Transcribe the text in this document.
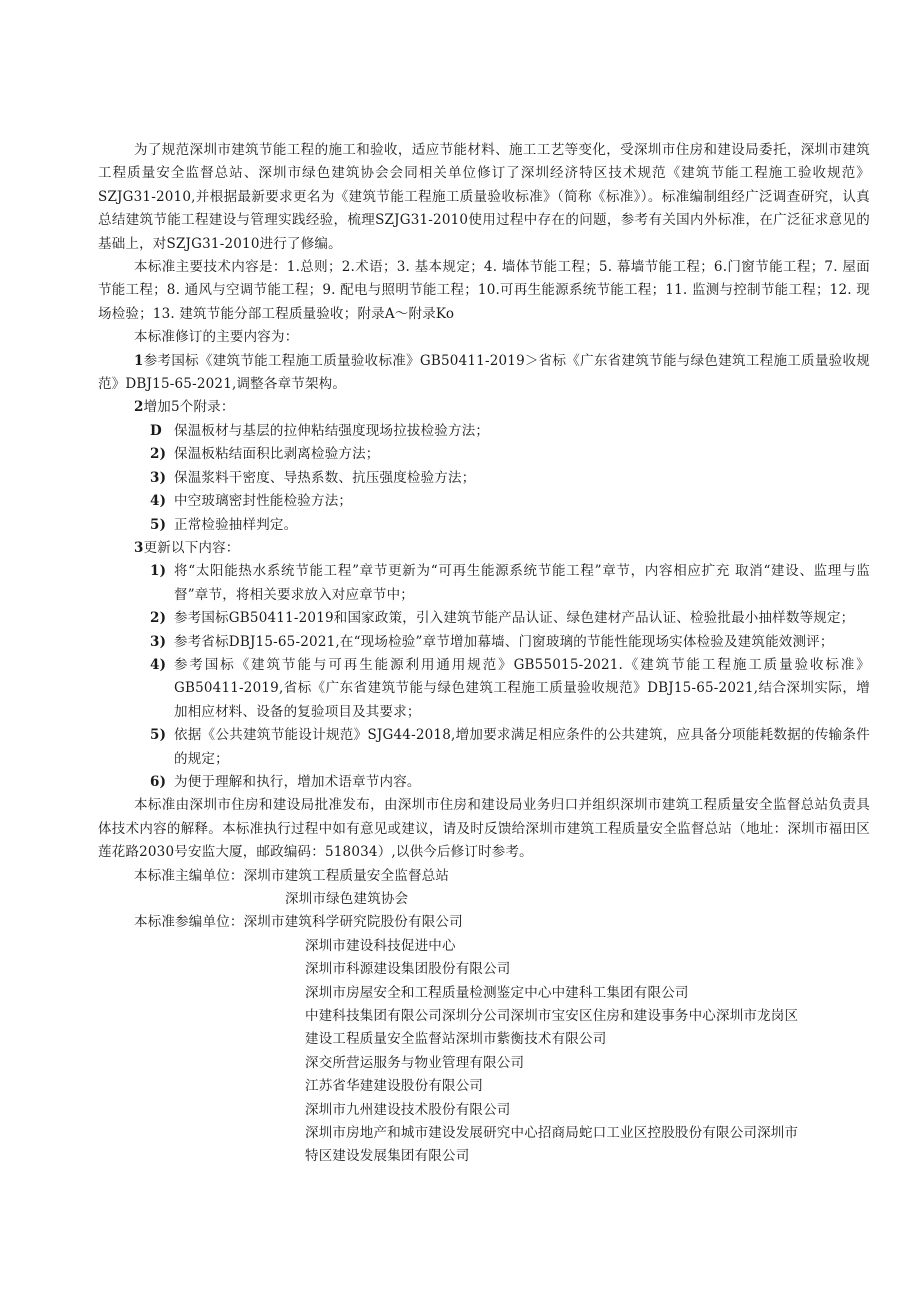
为了规范深圳市建筑节能工程的施工和验收，适应节能材料、施工工艺等变化，受深圳市住房和建设局委托，深圳市建筑工程质量安全监督总站、深圳市绿色建筑协会会同相关单位修订了深圳经济特区技术规范《建筑节能工程施工验收规范》SZJG31-2010,并根据最新要求更名为《建筑节能工程施工质量验收标准》（简称《标准》）。标准编制组经广泛调查研究，认真总结建筑节能工程建设与管理实践经验，梳理SZJG31-2010使用过程中存在的问题，参考有关国内外标准，在广泛征求意见的基础上，对SZJG31-2010进行了修编。

本标准主要技术内容是：1.总则；2.术语；3. 基本规定；4. 墙体节能工程；5. 幕墙节能工程；6.门窗节能工程；7. 屋面节能工程；8. 通风与空调节能工程；9. 配电与照明节能工程；10.可再生能源系统节能工程；11. 监测与控制节能工程；12. 现场检验；13. 建筑节能分部工程质量验收；附录A～附录Ko

本标准修订的主要内容为：

1参考国标《建筑节能工程施工质量验收标准》GB50411-2019＞省标《广东省建筑节能与绿色建筑工程施工质量验收规范》DBJ15-65-2021,调整各章节架构。

2增加5个附录：

D 保温板材与基层的拉伸粘结强度现场拉拔检验方法；
2) 保温板粘结面积比剥离检验方法；
3) 保温浆料干密度、导热系数、抗压强度检验方法；
4) 中空玻璃密封性能检验方法；
5) 正常检验抽样判定。

3更新以下内容：

1) 将“太阳能热水系统节能工程”章节更新为“可再生能源系统节能工程”章节，内容相应扩充 取消“建设、监理与监督”章节，将相关要求放入对应章节中；
2) 参考国标GB50411-2019和国家政策，引入建筑节能产品认证、绿色建材产品认证、检验批最小抽样数等规定；
3) 参考省标DBJ15-65-2021,在“现场检验”章节增加幕墙、门窗玻璃的节能性能现场实体检验及建筑能效测评；
4) 参考国标《建筑节能与可再生能源利用通用规范》GB55015-2021.《建筑节能工程施工质量验收标准》GB50411-2019,省标《广东省建筑节能与绿色建筑工程施工质量验收规范》DBJ15-65-2021,结合深圳实际，增加相应材料、设备的复验项目及其要求；
5) 依据《公共建筑节能设计规范》SJG44-2018,增加要求满足相应条件的公共建筑，应具备分项能耗数据的传输条件的规定；
6) 为便于理解和执行，增加术语章节内容。

本标准由深圳市住房和建设局批准发布，由深圳市住房和建设局业务归口并组织深圳市建筑工程质量安全监督总站负责具体技术内容的解释。本标准执行过程中如有意见或建议，请及时反馈给深圳市建筑工程质量安全监督总站（地址：深圳市福田区莲花路2030号安监大厦，邮政编码：518034）,以供今后修订时参考。

本标准主编单位： 深圳市建筑工程质量安全监督总站

深圳市绿色建筑协会

本标准参编单位： 深圳市建筑科学研究院股份有限公司

深圳市建设科技促进中心

深圳市科源建设集团股份有限公司

深圳市房屋安全和工程质量检测鉴定中心中建科工集团有限公司

中建科技集团有限公司深圳分公司深圳市宝安区住房和建设事务中心深圳市龙岗区

建设工程质量安全监督站深圳市紫衡技术有限公司

深交所营运服务与物业管理有限公司

江苏省华建建设股份有限公司

深圳市九州建设技术股份有限公司

深圳市房地产和城市建设发展研究中心招商局蛇口工业区控股股份有限公司深圳市

特区建设发展集团有限公司
